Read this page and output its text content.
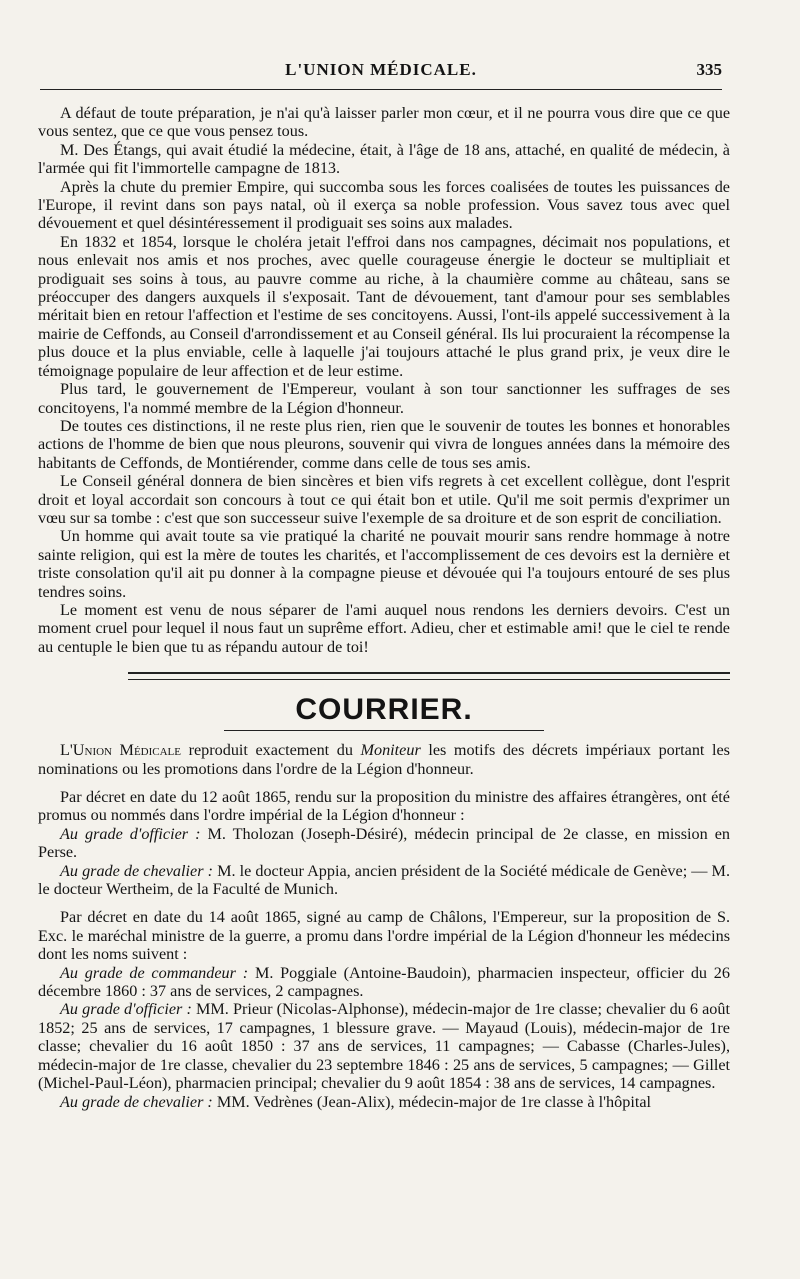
L'UNION MÉDICALE.	335

A défaut de toute préparation, je n'ai qu'à laisser parler mon cœur, et il ne pourra vous dire que ce que vous sentez, que ce que vous pensez tous.

M. Des Étangs, qui avait étudié la médecine, était, à l'âge de 18 ans, attaché, en qualité de médecin, à l'armée qui fit l'immortelle campagne de 1813.

Après la chute du premier Empire, qui succomba sous les forces coalisées de toutes les puissances de l'Europe, il revint dans son pays natal, où il exerça sa noble profession. Vous savez tous avec quel dévouement et quel désintéressement il prodiguait ses soins aux malades.

En 1832 et 1854, lorsque le choléra jetait l'effroi dans nos campagnes, décimait nos populations, et nous enlevait nos amis et nos proches, avec quelle courageuse énergie le docteur se multipliait et prodiguait ses soins à tous, au pauvre comme au riche, à la chaumière comme au château, sans se préoccuper des dangers auxquels il s'exposait. Tant de dévouement, tant d'amour pour ses semblables méritait bien en retour l'affection et l'estime de ses concitoyens. Aussi, l'ont-ils appelé successivement à la mairie de Ceffonds, au Conseil d'arrondissement et au Conseil général. Ils lui procuraient la récompense la plus douce et la plus enviable, celle à laquelle j'ai toujours attaché le plus grand prix, je veux dire le témoignage populaire de leur affection et de leur estime.

Plus tard, le gouvernement de l'Empereur, voulant à son tour sanctionner les suffrages de ses concitoyens, l'a nommé membre de la Légion d'honneur.

De toutes ces distinctions, il ne reste plus rien, rien que le souvenir de toutes les bonnes et honorables actions de l'homme de bien que nous pleurons, souvenir qui vivra de longues années dans la mémoire des habitants de Ceffonds, de Montiérender, comme dans celle de tous ses amis.

Le Conseil général donnera de bien sincères et bien vifs regrets à cet excellent collègue, dont l'esprit droit et loyal accordait son concours à tout ce qui était bon et utile. Qu'il me soit permis d'exprimer un vœu sur sa tombe : c'est que son successeur suive l'exemple de sa droiture et de son esprit de conciliation.

Un homme qui avait toute sa vie pratiqué la charité ne pouvait mourir sans rendre hommage à notre sainte religion, qui est la mère de toutes les charités, et l'accomplissement de ces devoirs est la dernière et triste consolation qu'il ait pu donner à la compagne pieuse et dévouée qui l'a toujours entouré de ses plus tendres soins.

Le moment est venu de nous séparer de l'ami auquel nous rendons les derniers devoirs. C'est un moment cruel pour lequel il nous faut un suprême effort. Adieu, cher et estimable ami! que le ciel te rende au centuple le bien que tu as répandu autour de toi!

COURRIER.

L'Union Médicale reproduit exactement du Moniteur les motifs des décrets impériaux portant les nominations ou les promotions dans l'ordre de la Légion d'honneur.

Par décret en date du 12 août 1865, rendu sur la proposition du ministre des affaires étrangères, ont été promus ou nommés dans l'ordre impérial de la Légion d'honneur :

Au grade d'officier : M. Tholozan (Joseph-Désiré), médecin principal de 2e classe, en mission en Perse.

Au grade de chevalier : M. le docteur Appia, ancien président de la Société médicale de Genève; — M. le docteur Wertheim, de la Faculté de Munich.

Par décret en date du 14 août 1865, signé au camp de Châlons, l'Empereur, sur la proposition de S. Exc. le maréchal ministre de la guerre, a promu dans l'ordre impérial de la Légion d'honneur les médecins dont les noms suivent :

Au grade de commandeur : M. Poggiale (Antoine-Baudoin), pharmacien inspecteur, officier du 26 décembre 1860 : 37 ans de services, 2 campagnes.

Au grade d'officier : MM. Prieur (Nicolas-Alphonse), médecin-major de 1re classe; chevalier du 6 août 1852; 25 ans de services, 17 campagnes, 1 blessure grave. — Mayaud (Louis), médecin-major de 1re classe; chevalier du 16 août 1850 : 37 ans de services, 11 campagnes; — Cabasse (Charles-Jules), médecin-major de 1re classe, chevalier du 23 septembre 1846 : 25 ans de services, 5 campagnes; — Gillet (Michel-Paul-Léon), pharmacien principal; chevalier du 9 août 1854 : 38 ans de services, 14 campagnes.

Au grade de chevalier : MM. Vedrènes (Jean-Alix), médecin-major de 1re classe à l'hôpital
